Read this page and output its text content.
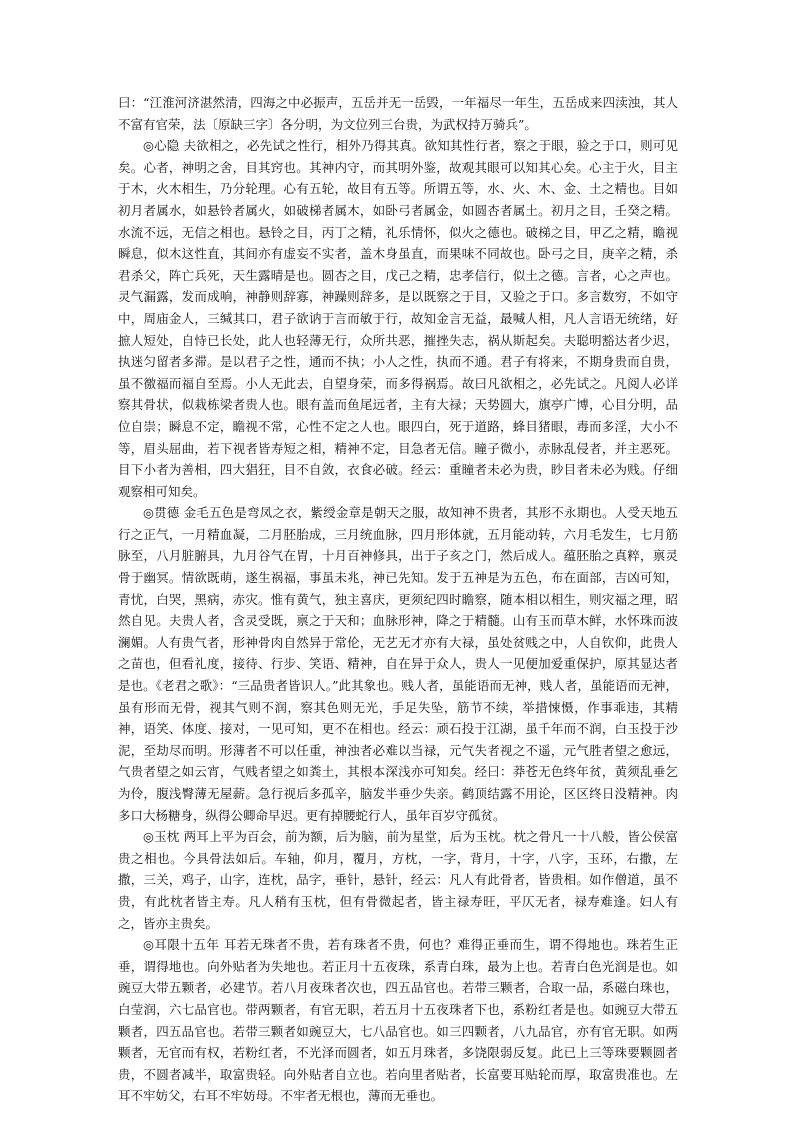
曰：“江淮河济湛然清，四海之中必振声，五岳并无一岳毁，一年福尽一年生，五岳成来四渎浊，其人不富有官荣，法〔原缺三字〕各分明，为文位列三台贵，为武权持万骑兵”。

◎心隐 夫欲相之，必先试之性行，相外乃得其真。欲知其性行者，察之于眼，验之于口，则可见矣。心者，神明之舍，目其窍也。其神内守，而其明外鉴，故观其眼可以知其心矣。心主于火，目主于木，火木相生，乃分轮理。心有五轮，故目有五等。所谓五等，水、火、木、金、土之精也。目如初月者属水，如悬铃者属火，如破梯者属木，如卧弓者属金，如圆杏者属土。初月之目，壬癸之精。水流不远，无信之相也。悬铃之目，丙丁之精，礼乐情怀，似火之德也。破梯之目，甲乙之精，瞻视瞬息，似木这性直，其间亦有虚妄不实者，盖木身虽直，而果味不同故也。卧弓之目，庚辛之精，杀君杀父，阵亡兵死，天生露晴是也。圆杏之目，戊己之精，忠孝信行，似土之德。言者，心之声也。灵气漏露，发而成响，神静则辞寡，神躁则辞多，是以既察之于目，又验之于口。多言数穷，不如守中，周庙金人，三缄其口，君子欲讷于言而敏于行，故知金言无益，最喊人相，凡人言语无统绪，好摭人短处，自恃已长处，此人也轻薄无行，众所共恶，摧挫失志，祸从斯起矣。夫聪明豁达者少迟，执迷匀留者多滞。是以君子之性，通而不执；小人之性，执而不通。君子有将来，不期身贵而自贵，虽不徼福而福自至焉。小人无此去，自望身荣，而多得祸焉。故曰凡欲相之，必先试之。凡阅人必详察其骨状，似栽栋梁者贵人也。眼有盖而鱼尾远者，主有大禄；天势圆大，旗亭广博，心目分明，品位自崇；瞬息不定，瞻视不常，心性不定之人也。眼四白，死于道路，蜂目猪眼，毒而多淫，大小不等，眉头屈曲，若下视者皆寿短之相，精神不定，目急者无信。瞳子微小，赤脉乱侵者，并主恶死。目下小者为善相，四大猖狂，目不自敛，衣食必破。经云：重瞳者未必为贵，眇目者未必为贱。仔细观察相可知矣。

◎贯德 金毛五色是弯凤之衣，紫绶金章是朝天之服，故知神不贵者，其形不永期也。人受天地五行之正气，一月精血凝，二月胚胎成，三月统血脉，四月形体就，五月能动转，六月毛发生，七月筋脉至，八月脏腑具，九月谷气在胃，十月百神修具，出于子亥之门，然后成人。蕴胚胎之真粹，禀灵骨于幽冥。情欲既萌，遂生祸福，事虽未兆，神已先知。发于五神是为五色，布在面部，吉凶可知，青忧，白哭，黑病，赤灾。惟有黄气，独主喜庆，更须纪四时瞻察，随本相以相生，则灾福之理，昭然自见。夫贵人者，含灵受既，禀之于天和；血脉形神，降之于精髓。山有玉而草木鲜，水怀珠而波澜媚。人有贵气者，形神骨肉自然异于常伦，无艺无才亦有大禄，虽处贫贱之中，人自钦仰，此贵人之苗也，但看礼度，接待、行步、笑语、精神，自在异于众人，贵人一见便加爱重保护，原其显达者是也。《老君之歌》：“三品贵者皆识人。”此其象也。贱人者，虽能语而无神，贱人者，虽能语而无神，虽有形而无骨，视其气则不润，察其色则无光，手足失坠，筋节不续，举措悚慑，作事乖违，其精神，语笑、体度、接对，一见可知，更不在相也。经云：顽石投于江湖，虽千年而不润，白玉投于沙泥，至劫尽而明。形薄者不可以任重，神浊者必难以当禄，元气失者视之不遥，元气胜者望之愈远，气贵者望之如云宵，气贱者望之如粪土，其根本深浅亦可知矣。经曰：莽苍无色终年贫，黄须乱垂乞为伶，腹浅臀薄无屋薪。急行视后多孤辛，脑发半垂少失亲。鹤顶结露不用论，区区终日没精神。肉多口大杨糖身，纵得公卿命早迟。更有掉腰蛇行人，虽年百岁守孤贫。

◎玉枕 两耳上平为百会，前为额，后为脑，前为星堂，后为玉枕。枕之骨凡一十八般，皆公侯富贵之相也。今具骨法如后。车轴，仰月，覆月，方枕，一字，背月，十字，八字，玉环，右撒，左撒，三关，鸡子，山字，连枕，品字，垂针，悬针，经云：凡人有此骨者，皆贵相。如作僧道，虽不贵，有此枕者皆主寿。凡人稍有玉枕，但有骨微起者，皆主禄寿旺，平仄无者，禄寿难逢。妇人有之，皆亦主贵矣。

◎耳限十五年 耳若无珠者不贵，若有珠者不贵，何也？难得正垂而生，谓不得地也。珠若生正垂，谓得地也。向外贴者为失地也。若正月十五夜珠，系青白珠，最为上也。若青白色光润是也。如豌豆大带五颗者，必建节。若八月夜珠者次也，四五品官也。若带三颗者，合取一品，系磁白珠也，白莹润，六七品官也。带两颗者，有官无职，若五月十五夜珠者下也，系粉红者是也。如豌豆大带五颗者，四五品官也。若带三颗者如豌豆大，七八品官也。如三四颗者，八九品官，亦有官无职。如两颗者，无官而有权，若粉红者，不光泽而圆者，如五月珠者，多饶限弱反复。此已上三等珠要颗圆者贵，不圆者减半，取富贵轻。向外贴者自立也。若向里者贴者，长富要耳贴轮而厚，取富贵准也。左耳不牢妨父，右耳不牢妨母。不牢者无根也，薄而无垂也。
